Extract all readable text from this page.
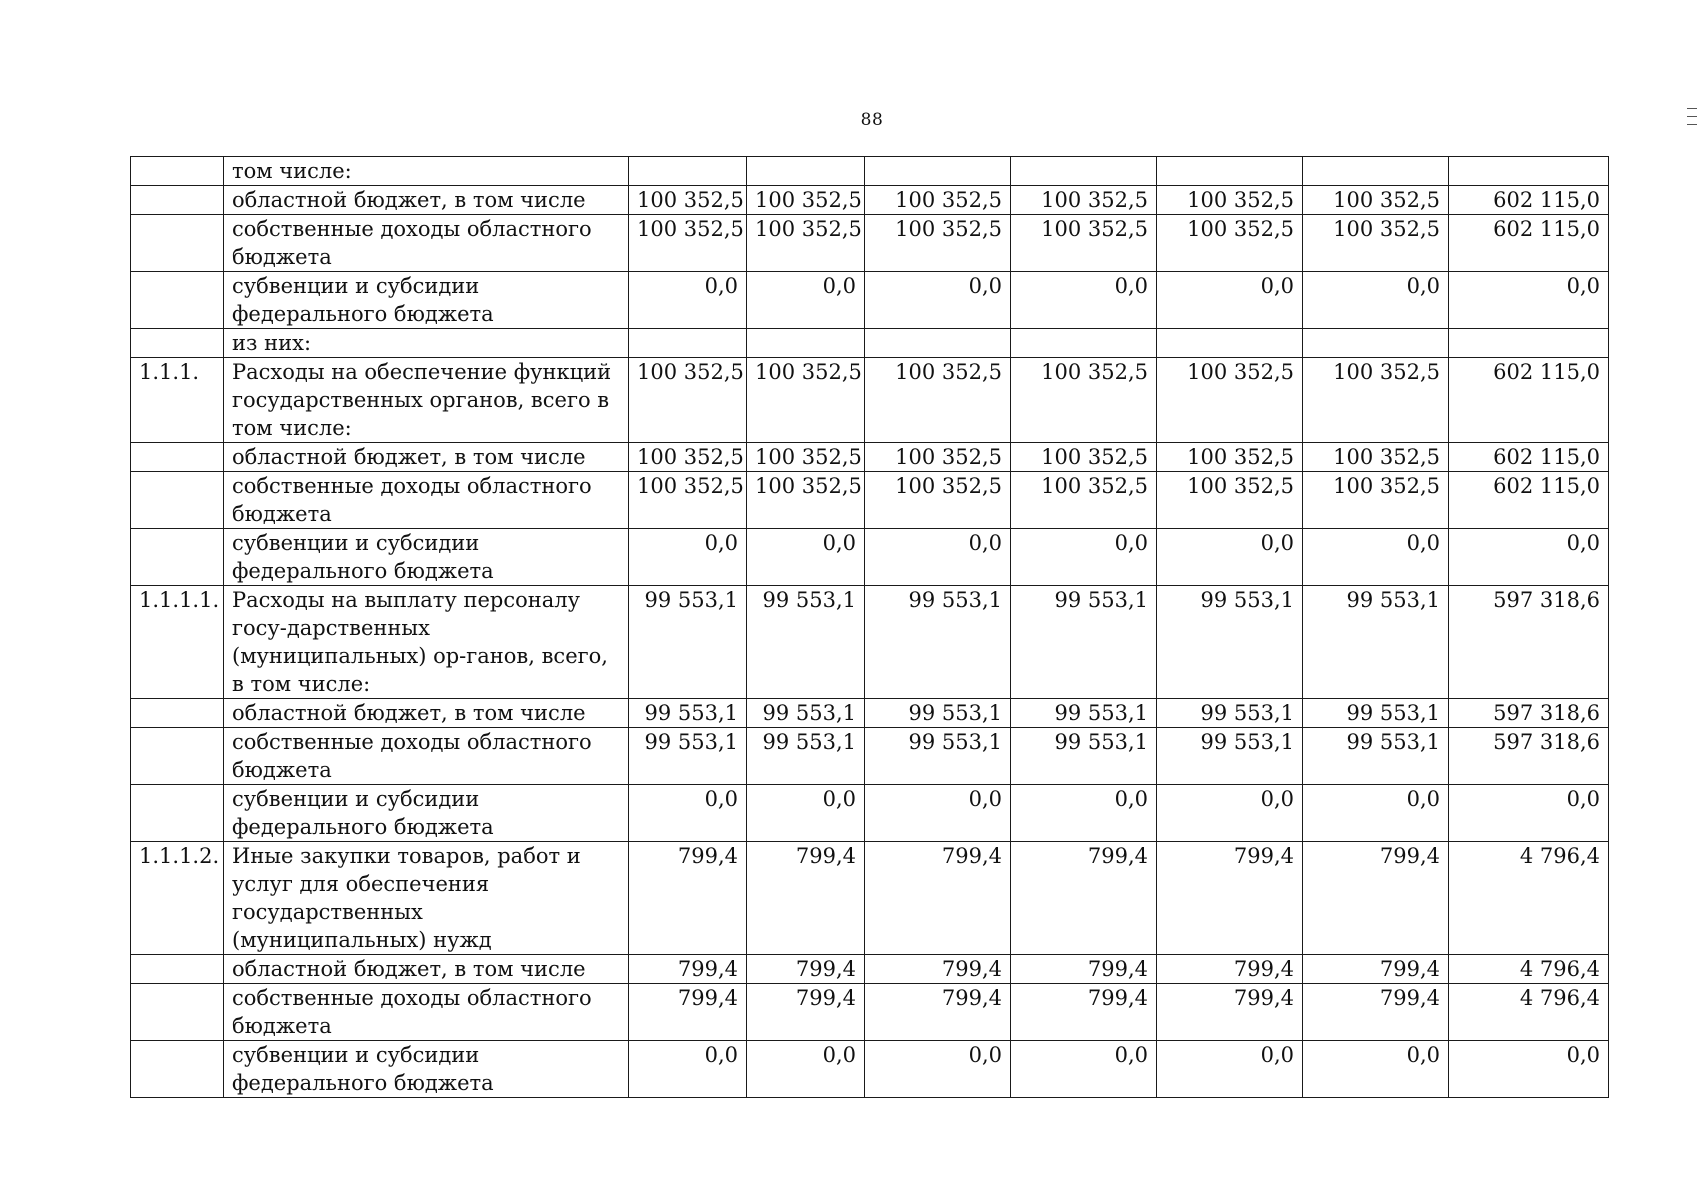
88
	том числе:							
	областной бюджет, в том числе	100 352,5	100 352,5	100 352,5	100 352,5	100 352,5	100 352,5	602 115,0
	собственные доходы областного бюджета	100 352,5	100 352,5	100 352,5	100 352,5	100 352,5	100 352,5	602 115,0
	субвенции и субсидии федерального бюджета	0,0	0,0	0,0	0,0	0,0	0,0	0,0
	из них:							
1.1.1.	Расходы на обеспечение функций государственных органов, всего в том числе:	100 352,5	100 352,5	100 352,5	100 352,5	100 352,5	100 352,5	602 115,0
	областной бюджет, в том числе	100 352,5	100 352,5	100 352,5	100 352,5	100 352,5	100 352,5	602 115,0
	собственные доходы областного бюджета	100 352,5	100 352,5	100 352,5	100 352,5	100 352,5	100 352,5	602 115,0
	субвенции и субсидии федерального бюджета	0,0	0,0	0,0	0,0	0,0	0,0	0,0
1.1.1.1.	Расходы на выплату персоналу госу-дарственных (муниципальных) ор-ганов, всего, в том числе:	99 553,1	99 553,1	99 553,1	99 553,1	99 553,1	99 553,1	597 318,6
	областной бюджет, в том числе	99 553,1	99 553,1	99 553,1	99 553,1	99 553,1	99 553,1	597 318,6
	собственные доходы областного бюджета	99 553,1	99 553,1	99 553,1	99 553,1	99 553,1	99 553,1	597 318,6
	субвенции и субсидии федерального бюджета	0,0	0,0	0,0	0,0	0,0	0,0	0,0
1.1.1.2.	Иные закупки товаров, работ и услуг для обеспечения государственных (муниципальных) нужд	799,4	799,4	799,4	799,4	799,4	799,4	4 796,4
	областной бюджет, в том числе	799,4	799,4	799,4	799,4	799,4	799,4	4 796,4
	собственные доходы областного бюджета	799,4	799,4	799,4	799,4	799,4	799,4	4 796,4
	субвенции и субсидии федерального бюджета	0,0	0,0	0,0	0,0	0,0	0,0	0,0
